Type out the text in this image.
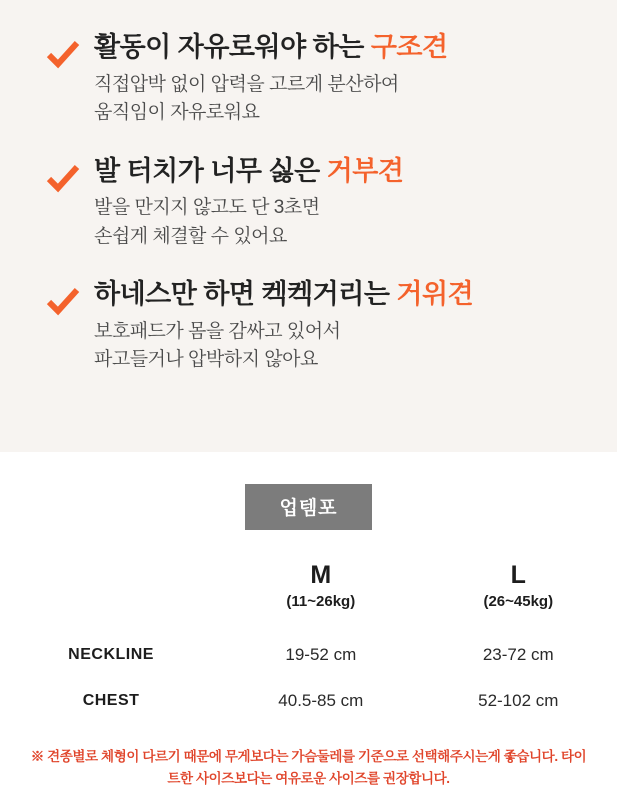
활동이 자유로워야 하는 구조견

직접압박 없이 압력을 고르게 분산하여

움직임이 자유로워요

발 터치가 너무 싫은 거부견

발을 만지지 않고도 단 3초면

손쉽게 체결할 수 있어요

하네스만 하면 켁켁거리는 거위견

보호패드가 몸을 감싸고 있어서

파고들거나 압박하지 않아요

업템포
	M	L
	(11~26kg)	(26~45kg)
NECKLINE	19-52 cm	23-72 cm
CHEST	40.5-85 cm	52-102 cm

※ 견종별로 체형이 다르기 때문에 무게보다는 가슴둘레를 기준으로 선택해주시는게 좋습니다. 타이트한 사이즈보다는 여유로운 사이즈를 권장합니다.
